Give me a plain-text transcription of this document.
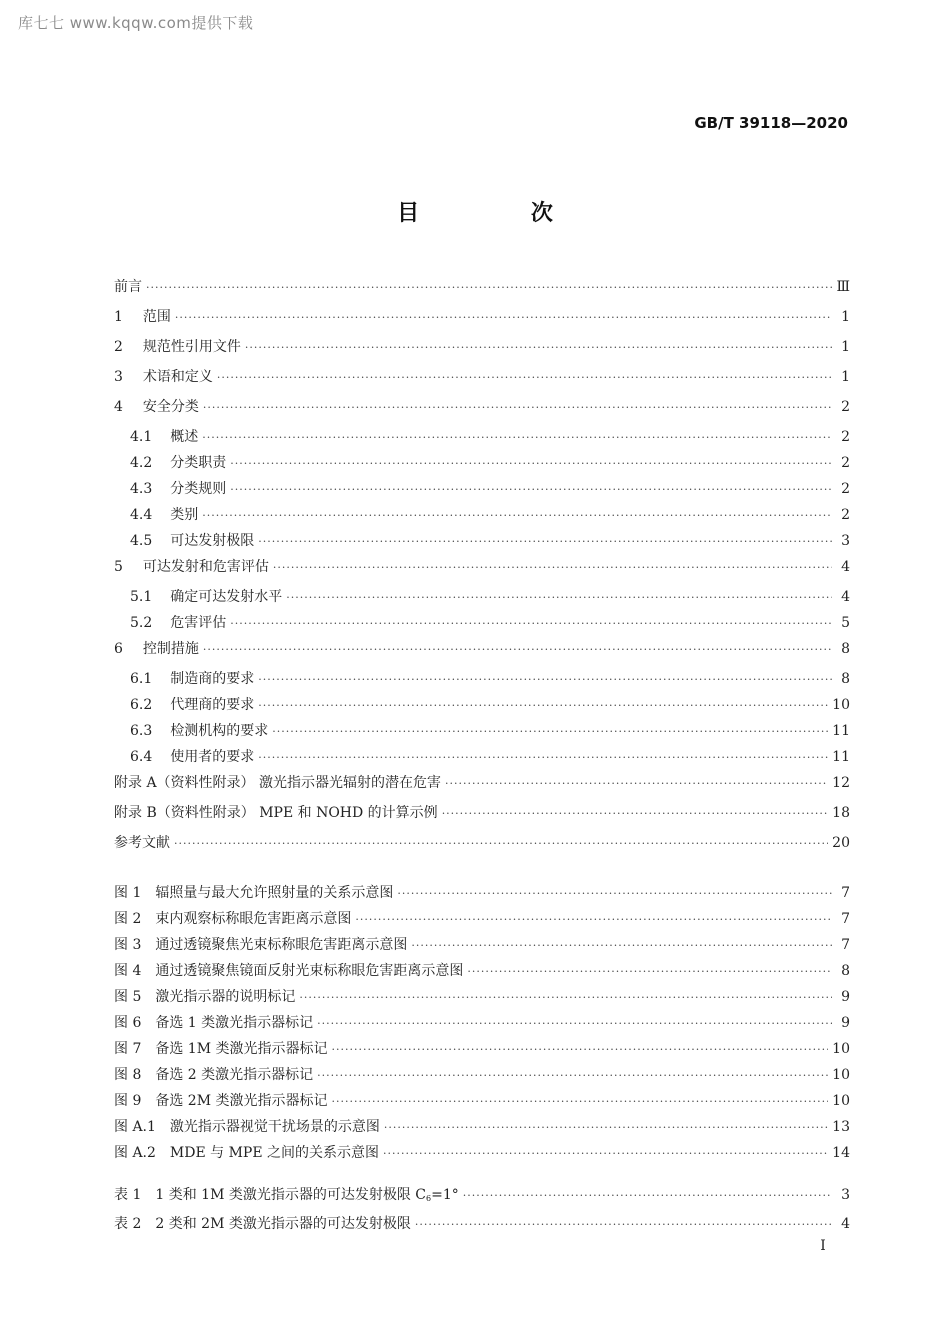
库七七 www.kqqw.com提供下载
GB/T 39118—2020
目 次
前言 ·····	Ⅲ
1 范围 ·····	1
2 规范性引用文件 ·····	1
3 术语和定义 ·····	1
4 安全分类 ·····	2
4.1 概述 ·····	2
4.2 分类职责 ·····	2
4.3 分类规则 ·····	2
4.4 类别 ·····	2
4.5 可达发射极限 ·····	3
5 可达发射和危害评估 ·····	4
5.1 确定可达发射水平 ·····	4
5.2 危害评估 ·····	5
6 控制措施 ·····	8
6.1 制造商的要求 ·····	8
6.2 代理商的要求 ·····	10
6.3 检测机构的要求 ·····	11
6.4 使用者的要求 ·····	11
附录 A（资料性附录） 激光指示器光辐射的潜在危害 ·····	12
附录 B（资料性附录） MPE 和 NOHD 的计算示例 ·····	18
参考文献 ·····	20
图 1 辐照量与最大允许照射量的关系示意图 ·····	7
图 2 束内观察标称眼危害距离示意图 ·····	7
图 3 通过透镜聚焦光束标称眼危害距离示意图 ·····	7
图 4 通过透镜聚焦镜面反射光束标称眼危害距离示意图 ·····	8
图 5 激光指示器的说明标记 ·····	9
图 6 备选 1 类激光指示器标记 ·····	9
图 7 备选 1M 类激光指示器标记 ·····	10
图 8 备选 2 类激光指示器标记 ·····	10
图 9 备选 2M 类激光指示器标记 ·····	10
图 A.1 激光指示器视觉干扰场景的示意图 ·····	13
图 A.2 MDE 与 MPE 之间的关系示意图 ·····	14
表 1 1 类和 1M 类激光指示器的可达发射极限 C6=1° ·····	3
表 2 2 类和 2M 类激光指示器的可达发射极限 ·····	4
I
